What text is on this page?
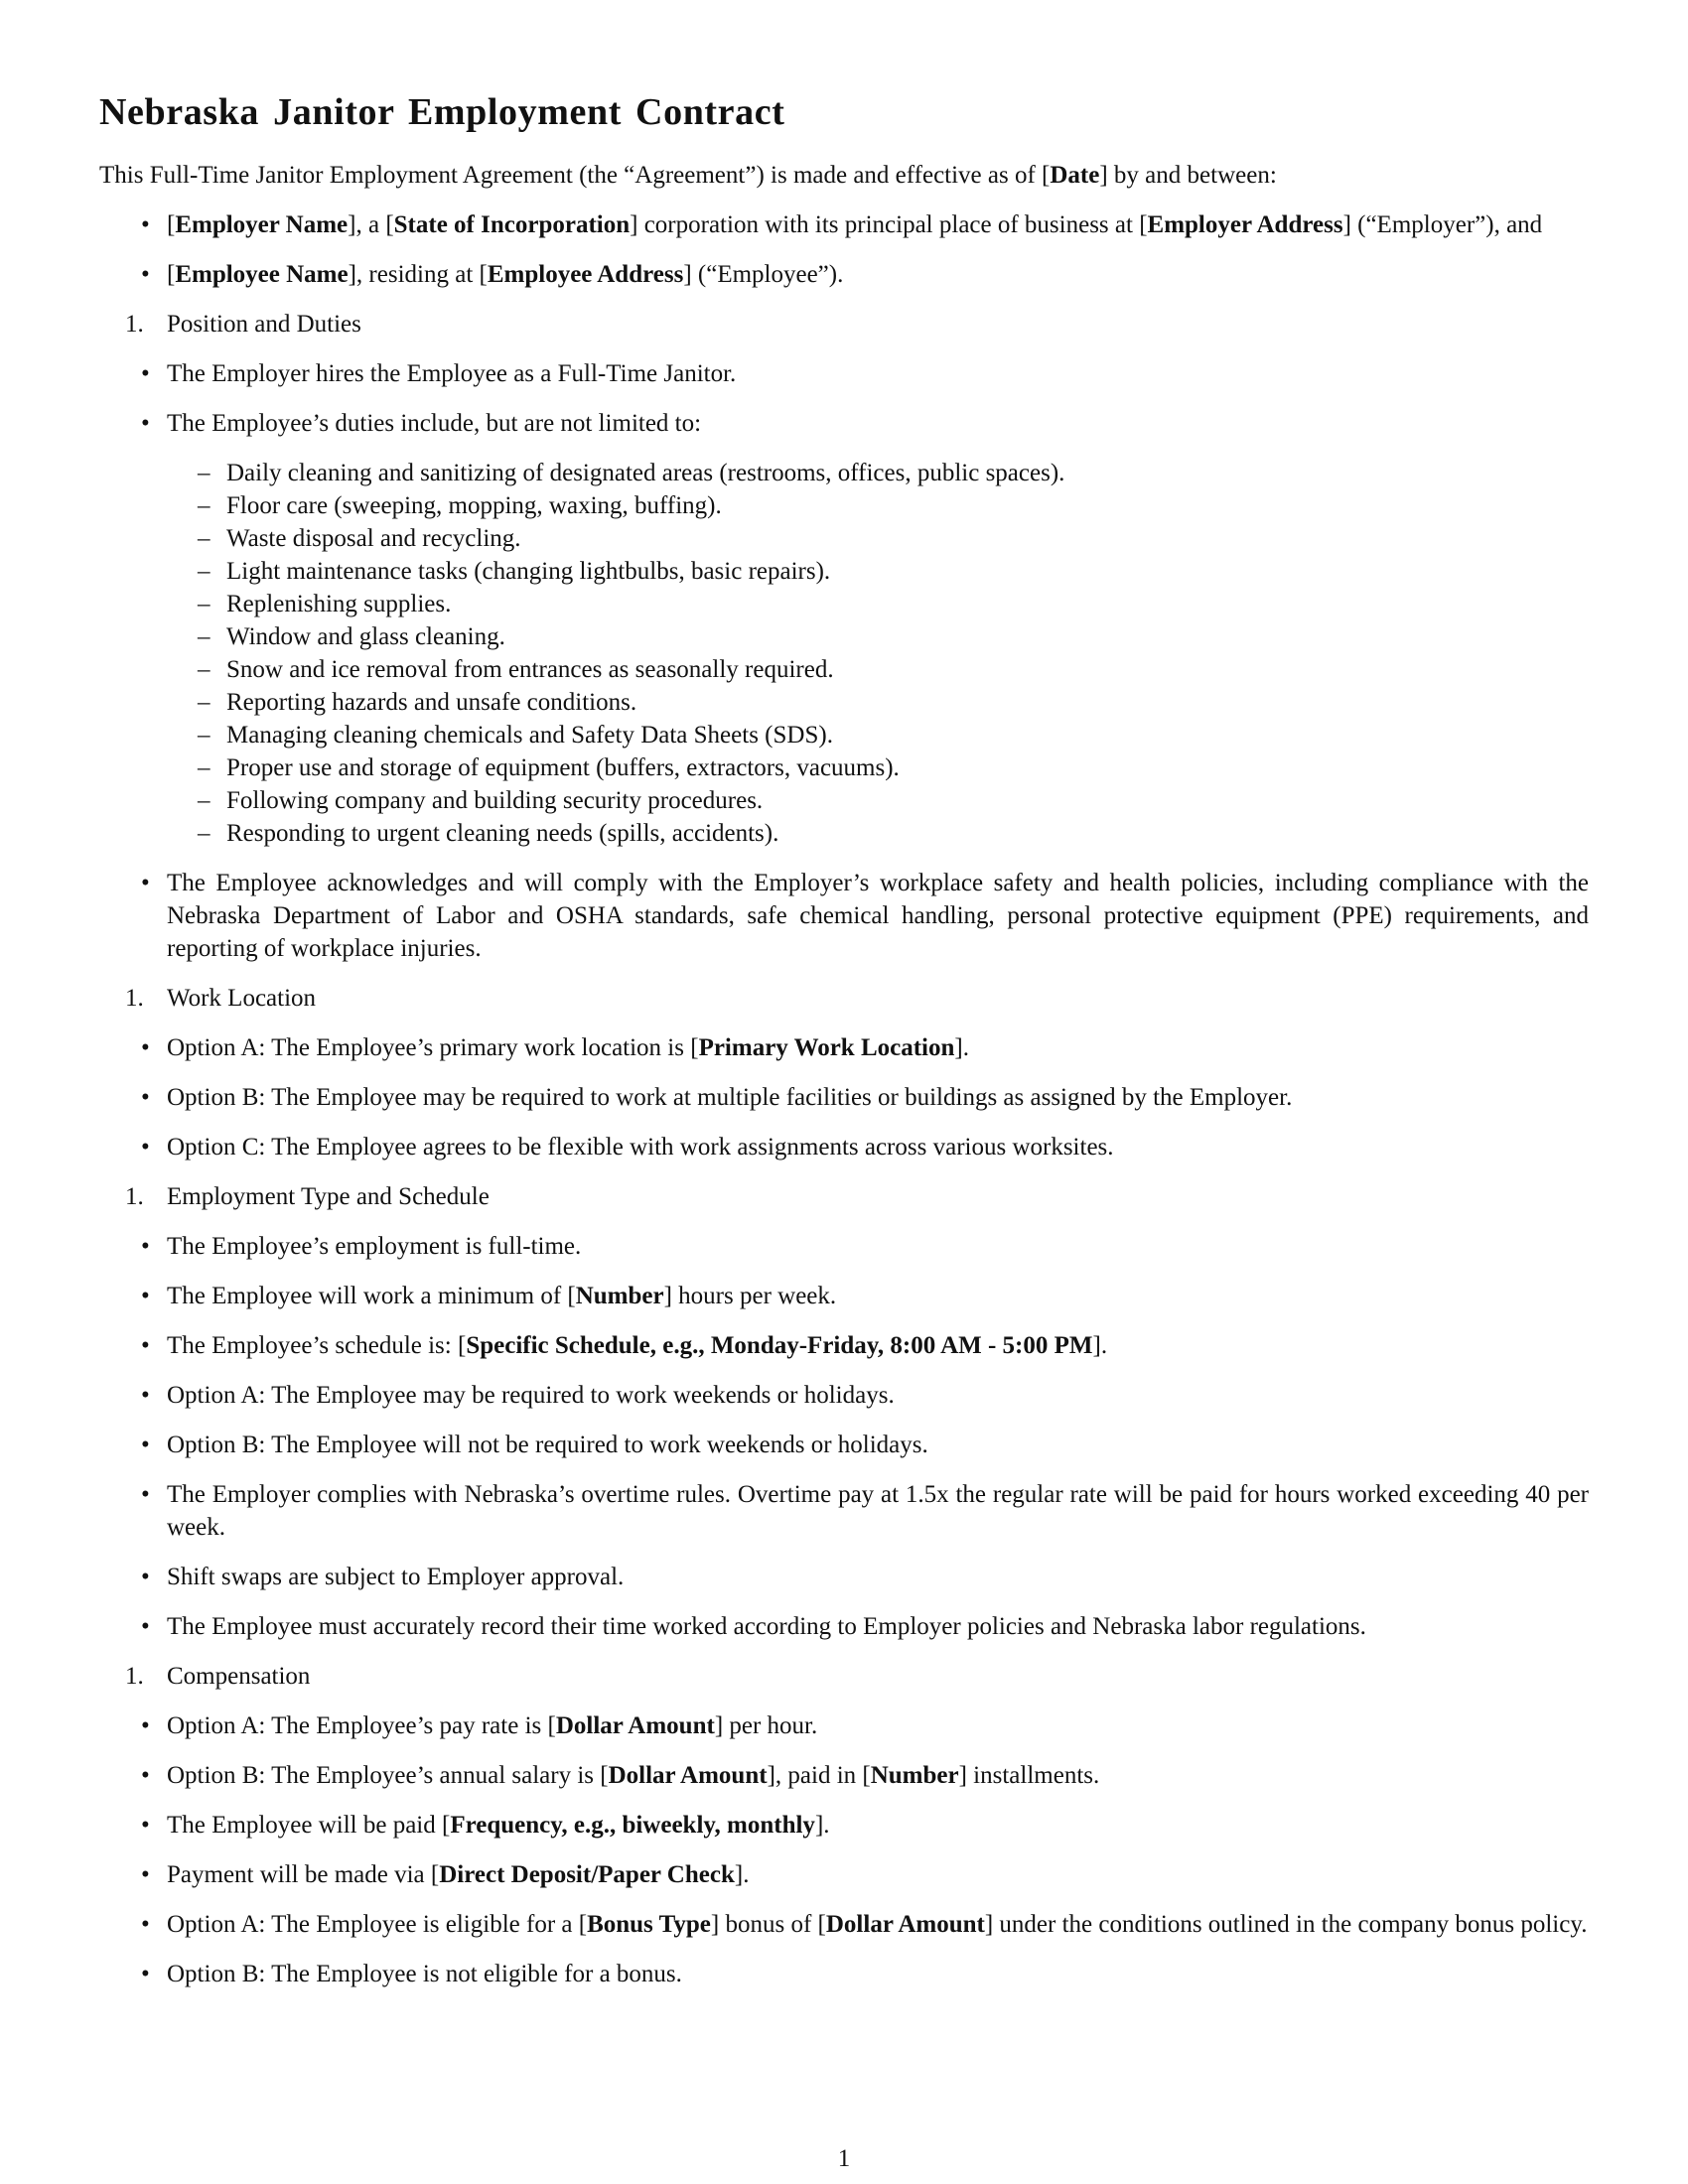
Nebraska Janitor Employment Contract

This Full-Time Janitor Employment Agreement (the “Agreement”) is made and effective as of [Date] by and between:

• [Employer Name], a [State of Incorporation] corporation with its principal place of business at [Employer Address] (“Employer”), and
• [Employee Name], residing at [Employee Address] (“Employee”).
1. Position and Duties
• The Employer hires the Employee as a Full-Time Janitor.
• The Employee’s duties include, but are not limited to:
– Daily cleaning and sanitizing of designated areas (restrooms, offices, public spaces).
– Floor care (sweeping, mopping, waxing, buffing).
– Waste disposal and recycling.
– Light maintenance tasks (changing lightbulbs, basic repairs).
– Replenishing supplies.
– Window and glass cleaning.
– Snow and ice removal from entrances as seasonally required.
– Reporting hazards and unsafe conditions.
– Managing cleaning chemicals and Safety Data Sheets (SDS).
– Proper use and storage of equipment (buffers, extractors, vacuums).
– Following company and building security procedures.
– Responding to urgent cleaning needs (spills, accidents).
• The Employee acknowledges and will comply with the Employer’s workplace safety and health policies, including compliance with the Nebraska Department of Labor and OSHA standards, safe chemical handling, personal protective equipment (PPE) requirements, and reporting of workplace injuries.
1. Work Location
• Option A: The Employee’s primary work location is [Primary Work Location].
• Option B: The Employee may be required to work at multiple facilities or buildings as assigned by the Employer.
• Option C: The Employee agrees to be flexible with work assignments across various worksites.
1. Employment Type and Schedule
• The Employee’s employment is full-time.
• The Employee will work a minimum of [Number] hours per week.
• The Employee’s schedule is: [Specific Schedule, e.g., Monday-Friday, 8:00 AM - 5:00 PM].
• Option A: The Employee may be required to work weekends or holidays.
• Option B: The Employee will not be required to work weekends or holidays.
• The Employer complies with Nebraska’s overtime rules. Overtime pay at 1.5x the regular rate will be paid for hours worked exceeding 40 per week.
• Shift swaps are subject to Employer approval.
• The Employee must accurately record their time worked according to Employer policies and Nebraska labor regulations.
1. Compensation
• Option A: The Employee’s pay rate is [Dollar Amount] per hour.
• Option B: The Employee’s annual salary is [Dollar Amount], paid in [Number] installments.
• The Employee will be paid [Frequency, e.g., biweekly, monthly].
• Payment will be made via [Direct Deposit/Paper Check].
• Option A: The Employee is eligible for a [Bonus Type] bonus of [Dollar Amount] under the conditions outlined in the company bonus policy.
• Option B: The Employee is not eligible for a bonus.
1
